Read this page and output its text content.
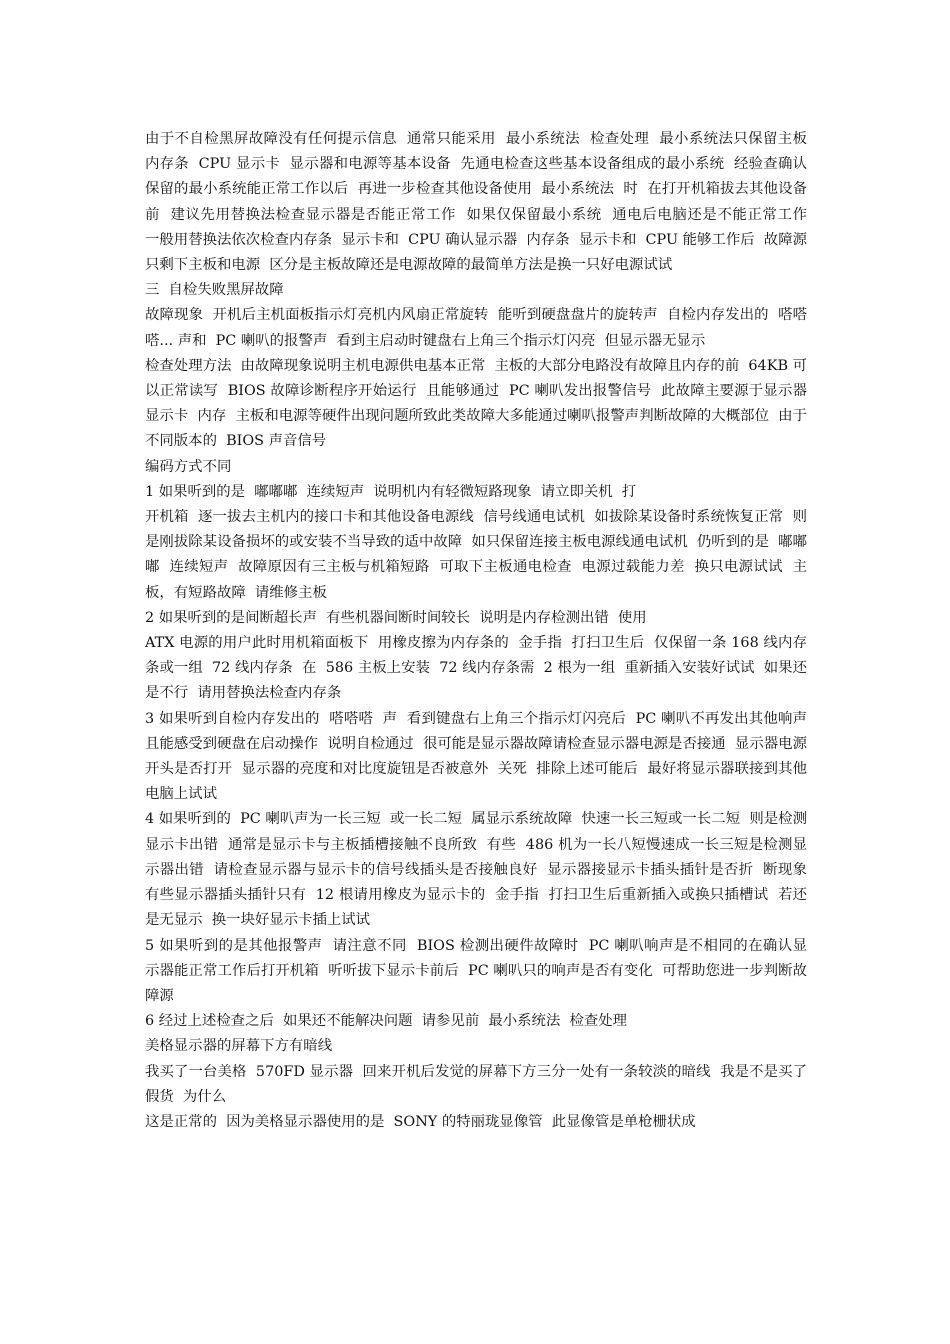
由于不自检黑屏故障没有任何提示信息  通常只能采用  最小系统法  检查处理  最小系统法只保留主板  内存条  CPU 显示卡  显示器和电源等基本设备  先通电检查这些基本设备组成的最小系统  经验查确认保留的最小系统能正常工作以后  再进一步检查其他设备使用  最小系统法  时  在打开机箱拔去其他设备前  建议先用替换法检查显示器是否能正常工作  如果仅保留最小系统  通电后电脑还是不能正常工作

一般用替换法依次检查内存条  显示卡和  CPU 确认显示器  内存条  显示卡和  CPU 能够工作后  故障源只剩下主板和电源  区分是主板故障还是电源故障的最简单方法是换一只好电源试试

三  自检失败黑屏故障

故障现象  开机后主机面板指示灯亮机内风扇正常旋转  能听到硬盘盘片的旋转声  自检内存发出的  嗒嗒嗒... 声和  PC 喇叭的报警声  看到主启动时键盘右上角三个指示灯闪亮  但显示器无显示

检查处理方法  由故障现象说明主机电源供电基本正常  主板的大部分电路没有故障且内存的前  64KB 可以正常读写  BIOS 故障诊断程序开始运行  且能够通过  PC 喇叭发出报警信号  此故障主要源于显示器  显示卡  内存  主板和电源等硬件出现问题所致此类故障大多能通过喇叭报警声判断故障的大概部位  由于不同版本的  BIOS 声音信号

编码方式不同

1 如果听到的是  嘟嘟嘟  连续短声  说明机内有轻微短路现象  请立即关机  打

开机箱  逐一拔去主机内的接口卡和其他设备电源线  信号线通电试机  如拔除某设备时系统恢复正常  则是刚拔除某设备损坏的或安装不当导致的适中故障  如只保留连接主板电源线通电试机  仍听到的是  嘟嘟嘟  连续短声  故障原因有三主板与机箱短路  可取下主板通电检查  电源过载能力差  换只电源试试  主板，有短路故障  请维修主板

2 如果听到的是间断超长声  有些机器间断时间较长  说明是内存检测出错  使用

ATX 电源的用户此时用机箱面板下  用橡皮擦为内存条的  金手指  打扫卫生后  仅保留一条 168 线内存条或一组  72 线内存条  在  586 主板上安装  72 线内存条需  2 根为一组  重新插入安装好试试  如果还是不行  请用替换法检查内存条

3 如果听到自检内存发出的  嗒嗒嗒  声  看到键盘右上角三个指示灯闪亮后  PC 喇叭不再发出其他响声  且能感受到硬盘在启动操作  说明自检通过  很可能是显示器故障请检查显示器电源是否接通  显示器电源开头是否打开  显示器的亮度和对比度旋钮是否被意外  关死  排除上述可能后  最好将显示器联接到其他电脑上试试

4 如果听到的  PC 喇叭声为一长三短  或一长二短  属显示系统故障  快速一长三短或一长二短  则是检测显示卡出错  通常是显示卡与主板插槽接触不良所致  有些  486 机为一长八短慢速成一长三短是检测显示器出错  请检查显示器与显示卡的信号线插头是否接触良好  显示器接显示卡插头插针是否折  断现象  有些显示器插头插针只有  12 根请用橡皮为显示卡的  金手指  打扫卫生后重新插入或换只插槽试  若还是无显示  换一块好显示卡插上试试

5 如果听到的是其他报警声  请注意不同  BIOS 检测出硬件故障时  PC 喇叭响声是不相同的在确认显

示器能正常工作后打开机箱  听听拔下显示卡前后  PC 喇叭只的响声是否有变化  可帮助您进一步判断故障源

6 经过上述检查之后  如果还不能解决问题  请参见前  最小系统法  检查处理

美格显示器的屏幕下方有暗线

我买了一台美格  570FD 显示器  回来开机后发觉的屏幕下方三分一处有一条较淡的暗线  我是不是买了假货  为什么

这是正常的  因为美格显示器使用的是  SONY 的特丽珑显像管  此显像管是单枪栅状成
